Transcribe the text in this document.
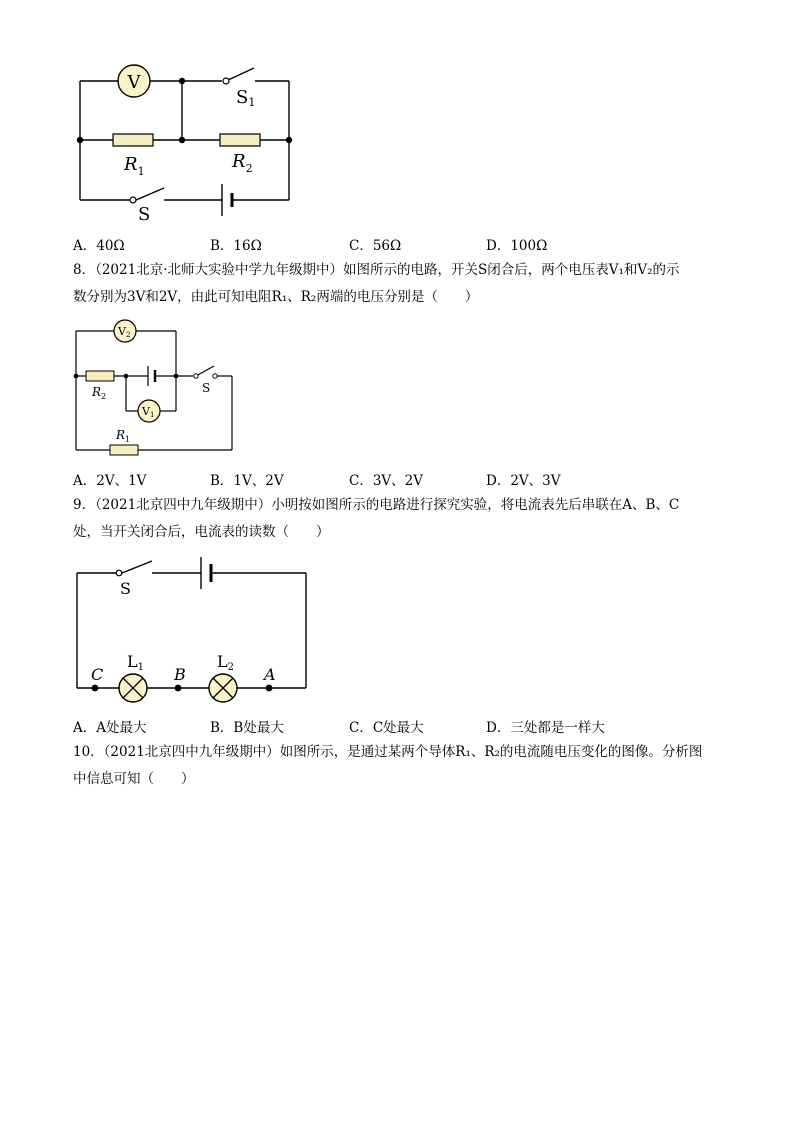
V
S1
$R_1$	$R_2$
S
A．40Ω	B．16Ω	C．56Ω	D．100Ω
8．（2021北京·北师大实验中学九年级期中）如图所示的电路，开关S闭合后，两个电压表V₁和V₂的示
数分别为3V和2V，由此可知电阻R₁、R₂两端的电压分别是（　　）
V2
V1
$R_2$
$R_1$
S
A．2V、1V	B．1V、2V	C．3V、2V	D．2V、3V
9．（2021北京四中九年级期中）小明按如图所示的电路进行探究实验，将电流表先后串联在A、B、C
处，当开关闭合后，电流表的读数（　　）
S
L1	L2
C	B	A
A．A处最大	B．B处最大	C．C处最大	D．三处都是一样大
10．（2021北京四中九年级期中）如图所示，是通过某两个导体R₁、R₂的电流随电压变化的图像。分析图
中信息可知（　　）
